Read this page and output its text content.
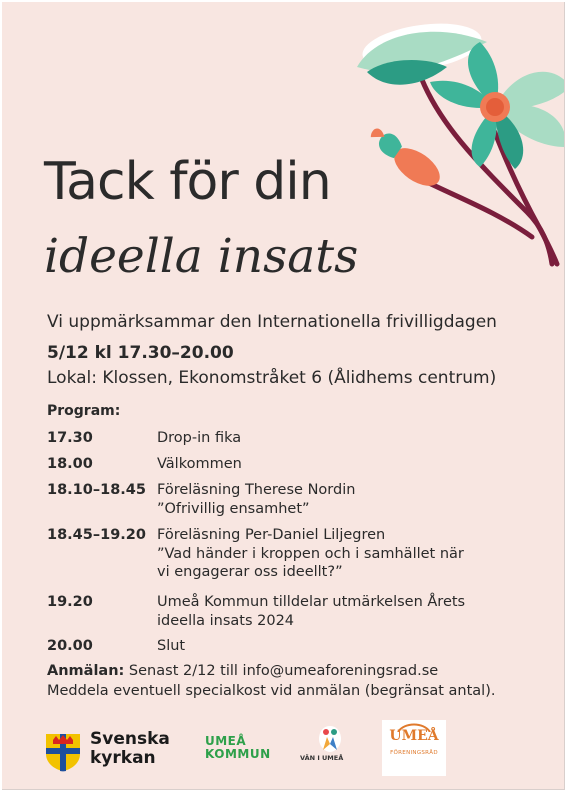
Tack för din
ideella insats
Vi uppmärksammar den Internationella frivilligdagen
5/12 kl 17.30–20.00
Lokal: Klossen, Ekonomstråket 6 (Ålidhems centrum)
Program:
17.30	Drop-in fika
18.00	Välkommen
18.10–18.45 Föreläsning Therese Nordin
”Ofrivillig ensamhet”
18.45–19.20 Föreläsning Per-Daniel Liljegren
”Vad händer i kroppen och i samhället när
vi engagerar oss ideellt?”
19.20	Umeå Kommun tilldelar utmärkelsen Årets
ideella insats 2024
20.00	Slut
Anmälan: Senast 2/12 till info@umeaforeningsrad.se
Meddela eventuell specialkost vid anmälan (begränsat antal).
Svenska
kyrkan
UMEÅ
KOMMUN	VÄN I UMEÅ
UMEÅ
FÖRENINGSRÅD
